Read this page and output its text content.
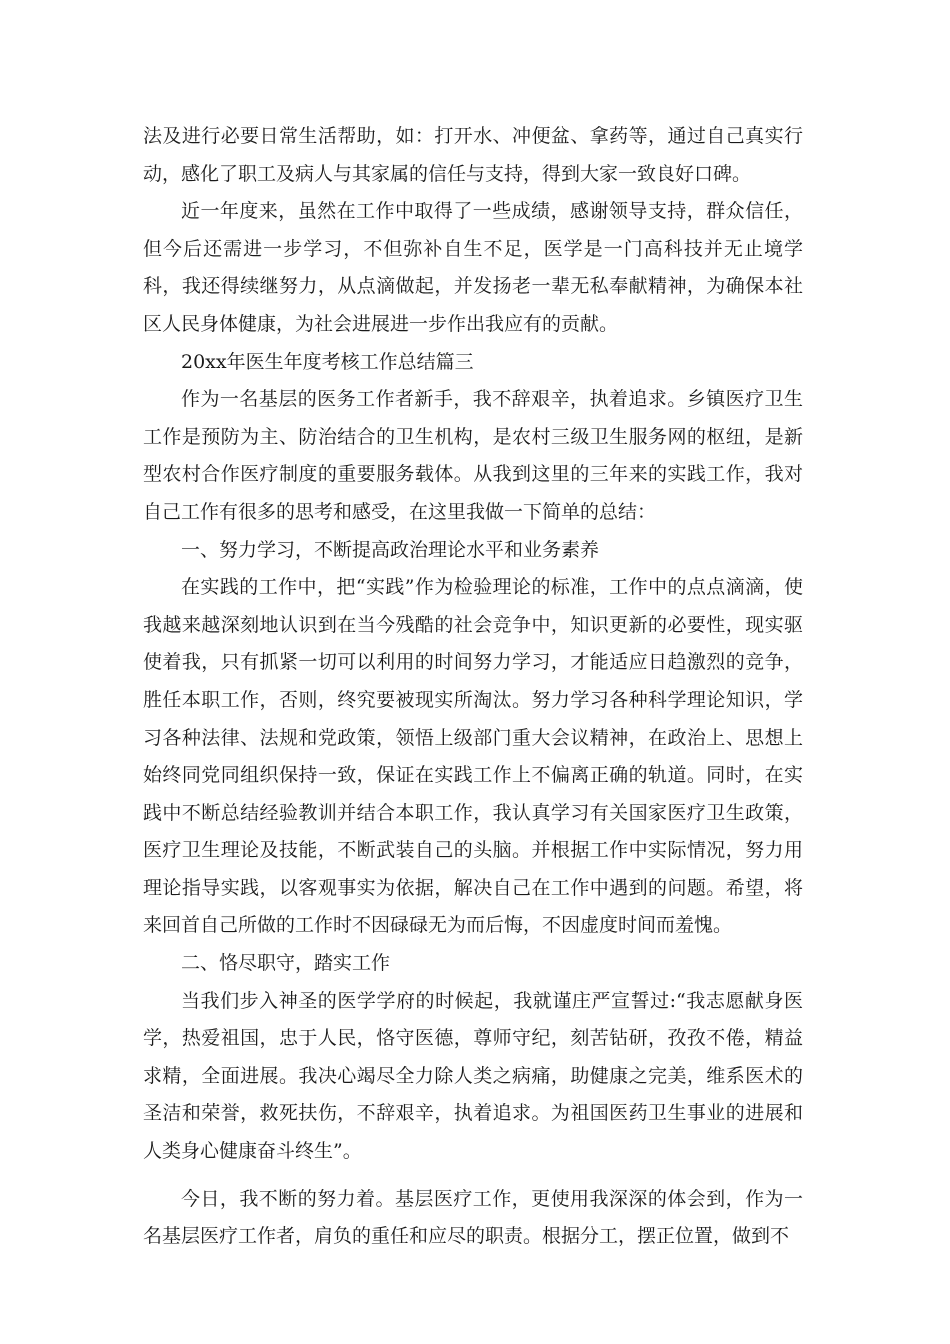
法及进行必要日常生活帮助，如：打开水、冲便盆、拿药等，通过自己真实行动，感化了职工及病人与其家属的信任与支持，得到大家一致良好口碑。

近一年度来，虽然在工作中取得了一些成绩，感谢领导支持，群众信任，但今后还需进一步学习，不但弥补自生不足，医学是一门高科技并无止境学科，我还得续继努力，从点滴做起，并发扬老一辈无私奉献精神，为确保本社区人民身体健康，为社会进展进一步作出我应有的贡献。

20xx年医生年度考核工作总结篇三

作为一名基层的医务工作者新手，我不辞艰辛，执着追求。乡镇医疗卫生工作是预防为主、防治结合的卫生机构，是农村三级卫生服务网的枢纽，是新型农村合作医疗制度的重要服务载体。从我到这里的三年来的实践工作，我对自己工作有很多的思考和感受，在这里我做一下简单的总结：

一、努力学习，不断提高政治理论水平和业务素养

在实践的工作中，把“实践”作为检验理论的标准，工作中的点点滴滴，使我越来越深刻地认识到在当今残酷的社会竞争中，知识更新的必要性，现实驱使着我，只有抓紧一切可以利用的时间努力学习，才能适应日趋激烈的竞争，胜任本职工作，否则，终究要被现实所淘汰。努力学习各种科学理论知识，学习各种法律、法规和党政策，领悟上级部门重大会议精神，在政治上、思想上始终同党同组织保持一致，保证在实践工作上不偏离正确的轨道。同时，在实践中不断总结经验教训并结合本职工作，我认真学习有关国家医疗卫生政策，医疗卫生理论及技能，不断武装自己的头脑。并根据工作中实际情况，努力用理论指导实践，以客观事实为依据，解决自己在工作中遇到的问题。希望，将来回首自己所做的工作时不因碌碌无为而后悔，不因虚度时间而羞愧。

二、恪尽职守，踏实工作

当我们步入神圣的医学学府的时候起，我就谨庄严宣誓过:“我志愿献身医学，热爱祖国，忠于人民，恪守医德，尊师守纪，刻苦钻研，孜孜不倦，精益求精，全面进展。我决心竭尽全力除人类之病痛，助健康之完美，维系医术的圣洁和荣誉，救死扶伤，不辞艰辛，执着追求。为祖国医药卫生事业的进展和人类身心健康奋斗终生”。

今日，我不断的努力着。基层医疗工作，更使用我深深的体会到，作为一名基层医疗工作者，肩负的重任和应尽的职责。根据分工，摆正位置，做到不
